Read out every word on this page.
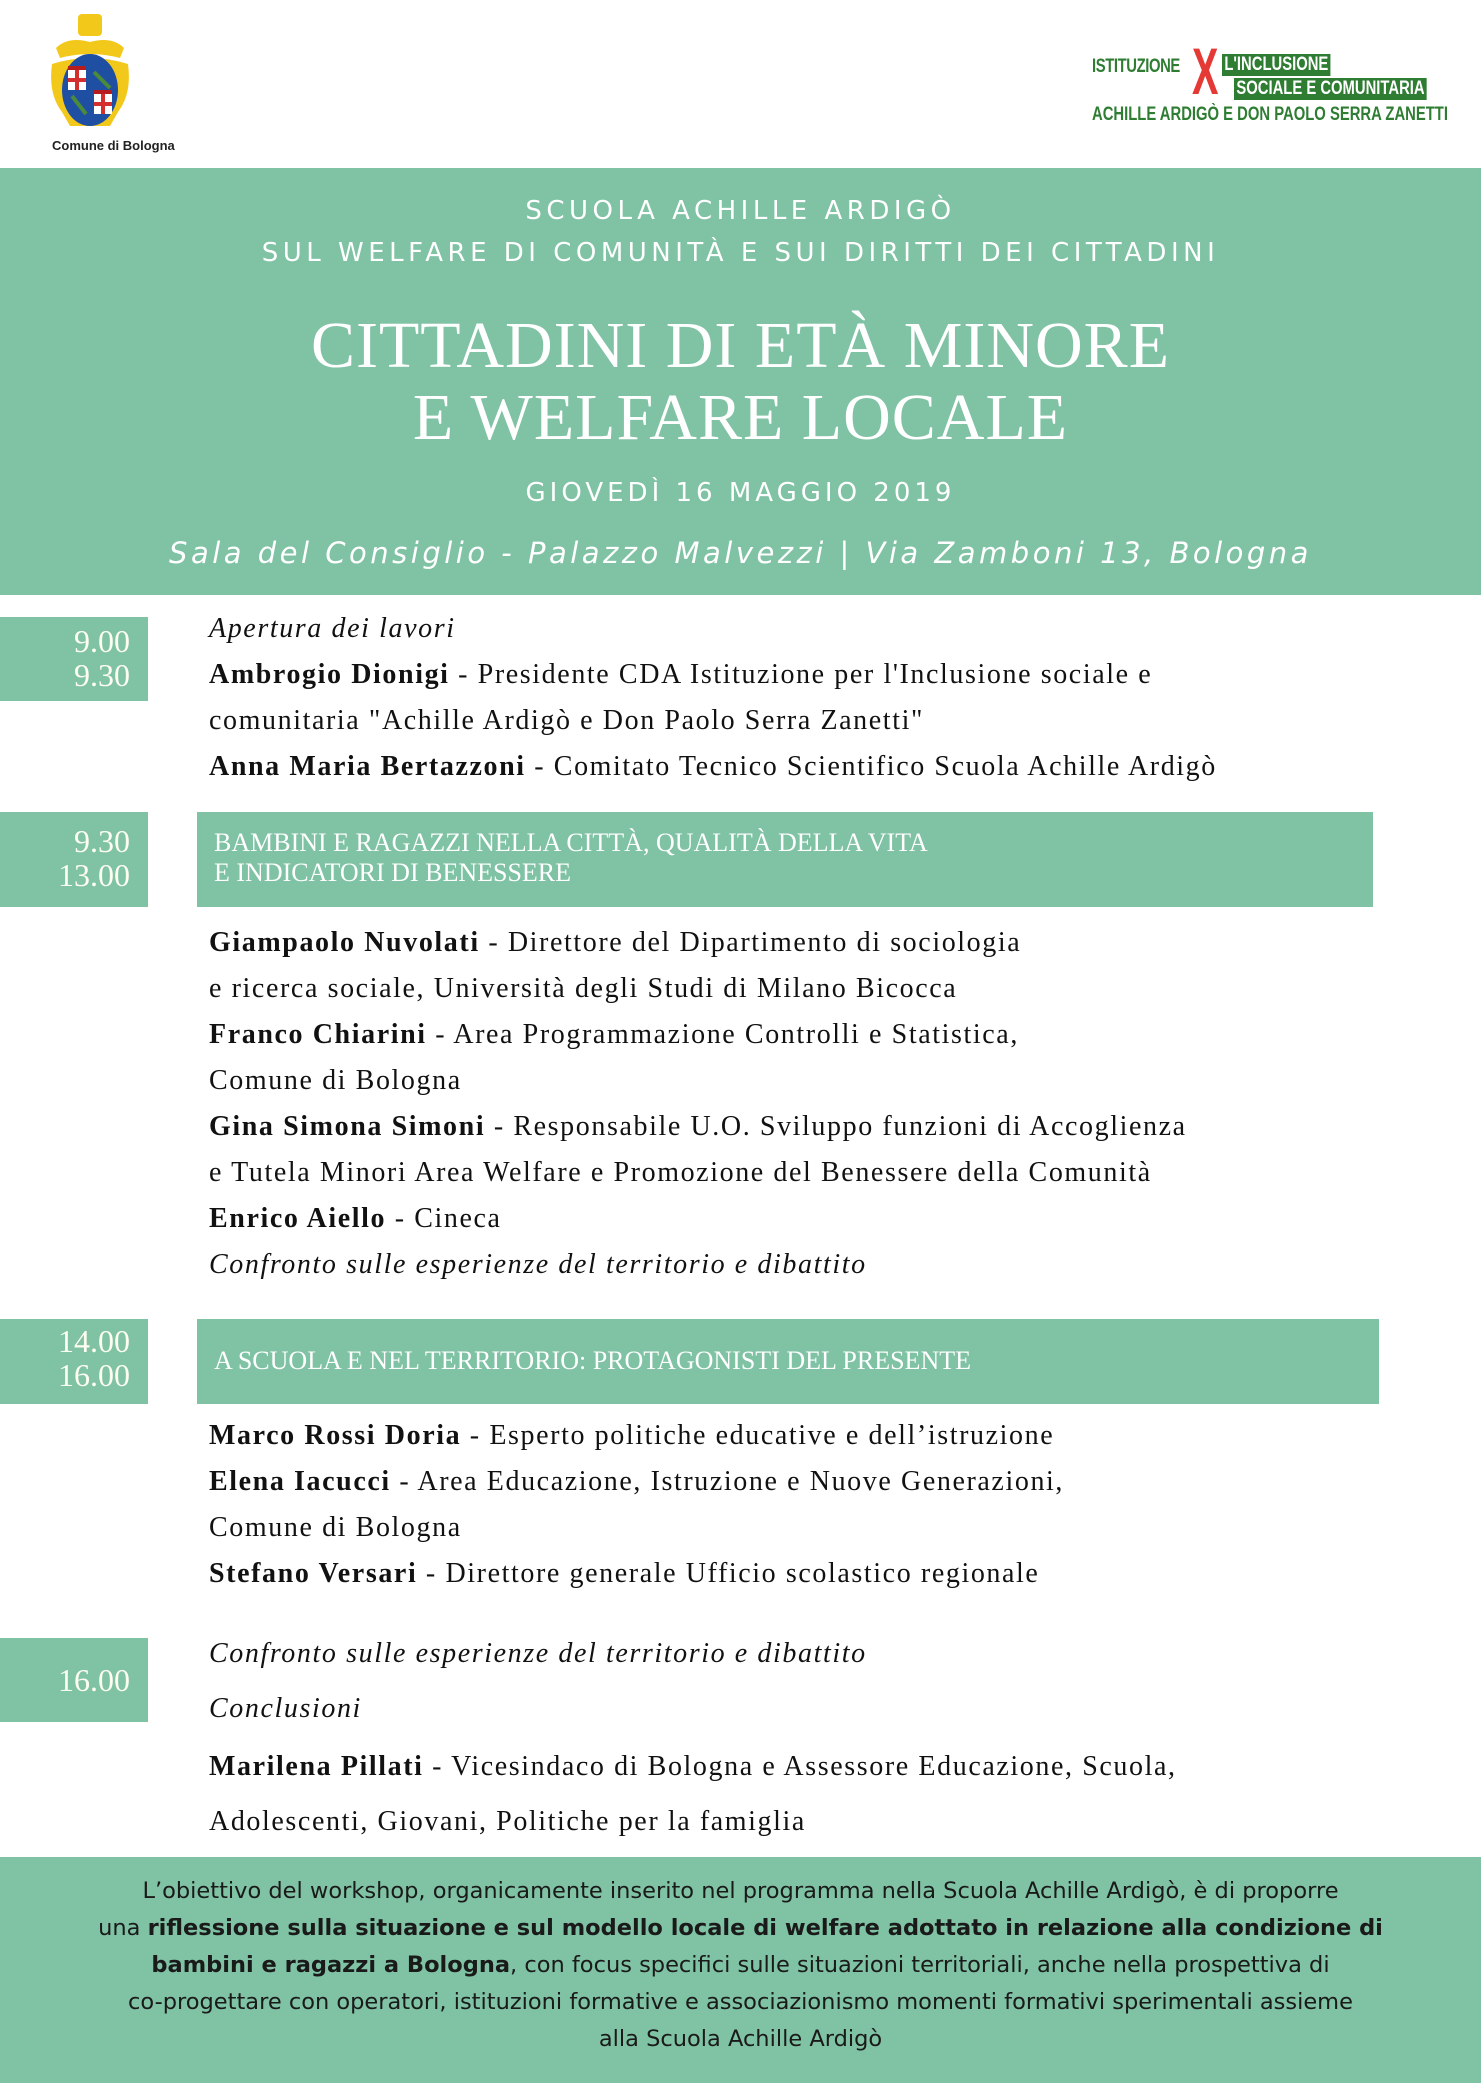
Comune di Bologna
ISTITUZIONE X L'INCLUSIONE
SOCIALE E COMUNITARIA
ACHILLE ARDIGÒ E DON PAOLO SERRA ZANETTI
SCUOLA ACHILLE ARDIGÒ
SUL WELFARE DI COMUNITÀ E SUI DIRITTI DEI CITTADINI
CITTADINI DI ETÀ MINORE
E WELFARE LOCALE
GIOVEDÌ 16 MAGGIO 2019
Sala del Consiglio - Palazzo Malvezzi | Via Zamboni 13, Bologna
9.00
9.30
Apertura dei lavori
Ambrogio Dionigi - Presidente CDA Istituzione per l'Inclusione sociale e
comunitaria "Achille Ardigò e Don Paolo Serra Zanetti"
Anna Maria Bertazzoni - Comitato Tecnico Scientifico Scuola Achille Ardigò
9.30
13.00
BAMBINI E RAGAZZI NELLA CITTÀ, QUALITÀ DELLA VITA
E INDICATORI DI BENESSERE
Giampaolo Nuvolati - Direttore del Dipartimento di sociologia
e ricerca sociale, Università degli Studi di Milano Bicocca
Franco Chiarini - Area Programmazione Controlli e Statistica,
Comune di Bologna
Gina Simona Simoni - Responsabile U.O. Sviluppo funzioni di Accoglienza
e Tutela Minori Area Welfare e Promozione del Benessere della Comunità
Enrico Aiello - Cineca
Confronto sulle esperienze del territorio e dibattito
14.00
16.00	A SCUOLA E NEL TERRITORIO: PROTAGONISTI DEL PRESENTE
Marco Rossi Doria - Esperto politiche educative e dell’istruzione
Elena Iacucci - Area Educazione, Istruzione e Nuove Generazioni,
Comune di Bologna
Stefano Versari - Direttore generale Ufficio scolastico regionale
16.00
Confronto sulle esperienze del territorio e dibattito
Conclusioni
Marilena Pillati - Vicesindaco di Bologna e Assessore Educazione, Scuola,
Adolescenti, Giovani, Politiche per la famiglia
L’obiettivo del workshop, organicamente inserito nel programma nella Scuola Achille Ardigò, è di proporre
una riflessione sulla situazione e sul modello locale di welfare adottato in relazione alla condizione di
bambini e ragazzi a Bologna, con focus specifici sulle situazioni territoriali, anche nella prospettiva di
co-progettare con operatori, istituzioni formative e associazionismo momenti formativi sperimentali assieme
alla Scuola Achille Ardigò
